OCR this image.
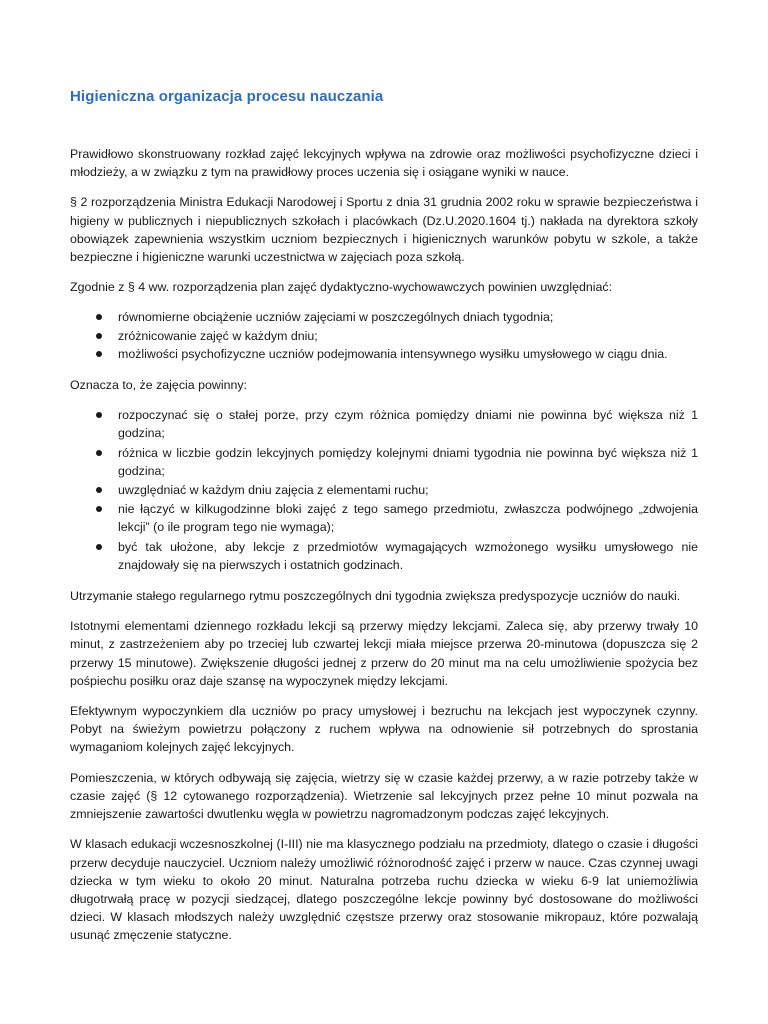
Higieniczna organizacja procesu nauczania

Prawidłowo skonstruowany rozkład zajęć lekcyjnych wpływa na zdrowie oraz możliwości psychofizyczne dzieci i młodzieży, a w związku z tym na prawidłowy proces uczenia się i osiągane wyniki w nauce.

§ 2 rozporządzenia Ministra Edukacji Narodowej i Sportu z dnia 31 grudnia 2002 roku w sprawie bezpieczeństwa i higieny w publicznych i niepublicznych szkołach i placówkach (Dz.U.2020.1604 tj.) nakłada na dyrektora szkoły obowiązek zapewnienia wszystkim uczniom bezpiecznych i higienicznych warunków pobytu w szkole, a także bezpieczne i higieniczne warunki uczestnictwa w zajęciach poza szkołą.

Zgodnie z § 4 ww. rozporządzenia plan zajęć dydaktyczno-wychowawczych powinien uwzględniać:

równomierne obciążenie uczniów zajęciami w poszczególnych dniach tygodnia;
zróżnicowanie zajęć w każdym dniu;
możliwości psychofizyczne uczniów podejmowania intensywnego wysiłku umysłowego w ciągu dnia.

Oznacza to, że zajęcia powinny:

rozpoczynać się o stałej porze, przy czym różnica pomiędzy dniami nie powinna być większa niż 1 godzina;
różnica w liczbie godzin lekcyjnych pomiędzy kolejnymi dniami tygodnia nie powinna być większa niż 1 godzina;
uwzględniać w każdym dniu zajęcia z elementami ruchu;
nie łączyć w kilkugodzinne bloki zajęć z tego samego przedmiotu, zwłaszcza podwójnego „zdwojenia lekcji” (o ile program tego nie wymaga);
być tak ułożone, aby lekcje z przedmiotów wymagających wzmożonego wysiłku umysłowego nie znajdowały się na pierwszych i ostatnich godzinach.

Utrzymanie stałego regularnego rytmu poszczególnych dni tygodnia zwiększa predyspozycje uczniów do nauki.

Istotnymi elementami dziennego rozkładu lekcji są przerwy między lekcjami. Zaleca się, aby przerwy trwały 10 minut, z zastrzeżeniem aby po trzeciej lub czwartej lekcji miała miejsce przerwa 20-minutowa (dopuszcza się 2 przerwy 15 minutowe). Zwiększenie długości jednej z przerw do 20 minut ma na celu umożliwienie spożycia bez pośpiechu posiłku oraz daje szansę na wypoczynek między lekcjami.

Efektywnym wypoczynkiem dla uczniów po pracy umysłowej i bezruchu na lekcjach jest wypoczynek czynny. Pobyt na świeżym powietrzu połączony z ruchem wpływa na odnowienie sił potrzebnych do sprostania wymaganiom kolejnych zajęć lekcyjnych.

Pomieszczenia, w których odbywają się zajęcia, wietrzy się w czasie każdej przerwy, a w razie potrzeby także w czasie zajęć (§ 12 cytowanego rozporządzenia). Wietrzenie sal lekcyjnych przez pełne 10 minut pozwala na zmniejszenie zawartości dwutlenku węgla w powietrzu nagromadzonym podczas zajęć lekcyjnych.

W klasach edukacji wczesnoszkolnej (I-III) nie ma klasycznego podziału na przedmioty, dlatego o czasie i długości przerw decyduje nauczyciel. Uczniom należy umożliwić różnorodność zajęć i przerw w nauce. Czas czynnej uwagi dziecka w tym wieku to około 20 minut. Naturalna potrzeba ruchu dziecka w wieku 6-9 lat uniemożliwia długotrwałą pracę w pozycji siedzącej, dlatego poszczególne lekcje powinny być dostosowane do możliwości dzieci. W klasach młodszych należy uwzględnić częstsze przerwy oraz stosowanie mikropauz, które pozwalają usunąć zmęczenie statyczne.
